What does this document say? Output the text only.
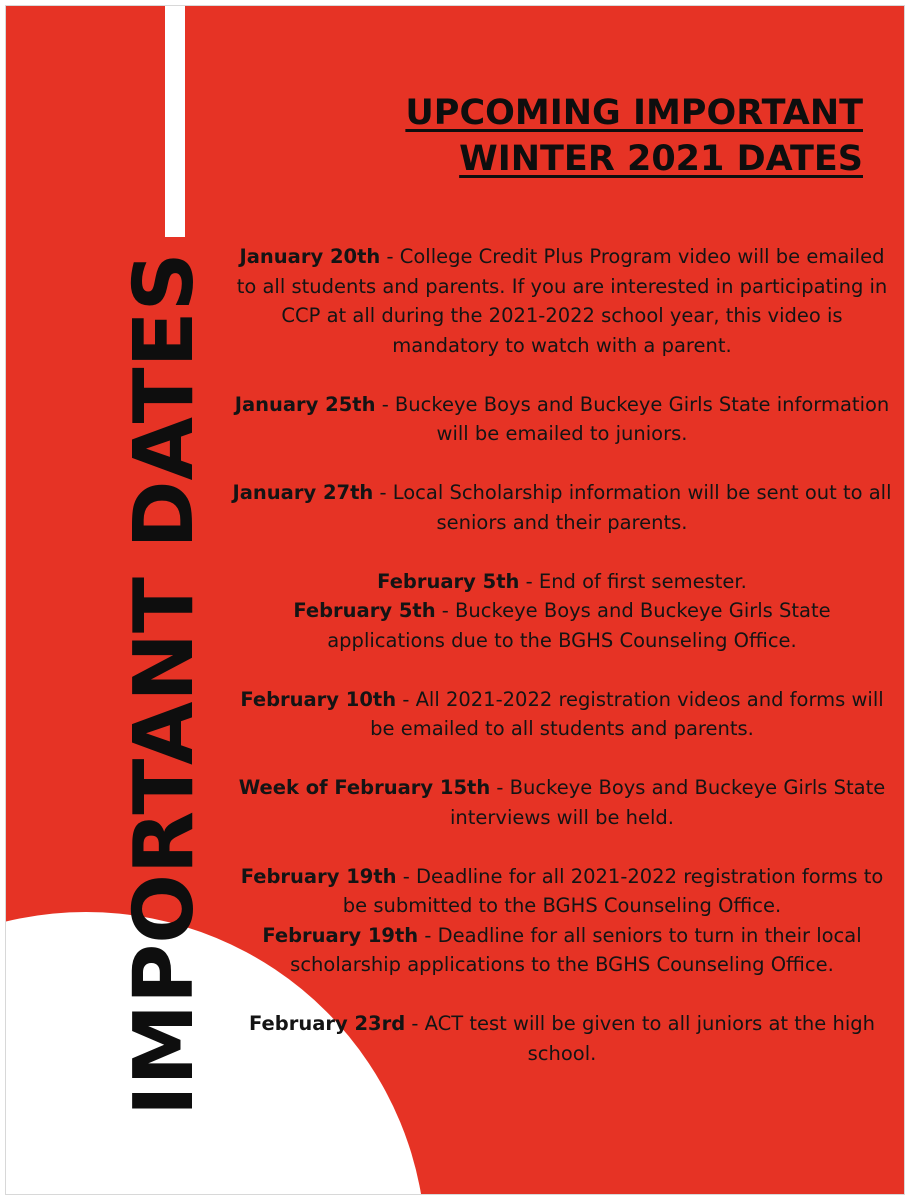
IMPORTANT DATES
UPCOMING IMPORTANT
WINTER 2021 DATES

January 20th - College Credit Plus Program video will be emailed to all students and parents. If you are interested in participating in CCP at all during the 2021-2022 school year, this video is mandatory to watch with a parent.

January 25th - Buckeye Boys and Buckeye Girls State information will be emailed to juniors.

January 27th - Local Scholarship information will be sent out to all seniors and their parents.

February 5th - End of first semester.

February 5th - Buckeye Boys and Buckeye Girls State applications due to the BGHS Counseling Office.

February 10th - All 2021-2022 registration videos and forms will be emailed to all students and parents.

Week of February 15th - Buckeye Boys and Buckeye Girls State interviews will be held.

February 19th - Deadline for all 2021-2022 registration forms to be submitted to the BGHS Counseling Office.

February 19th - Deadline for all seniors to turn in their local scholarship applications to the BGHS Counseling Office.

February 23rd - ACT test will be given to all juniors at the high school.
